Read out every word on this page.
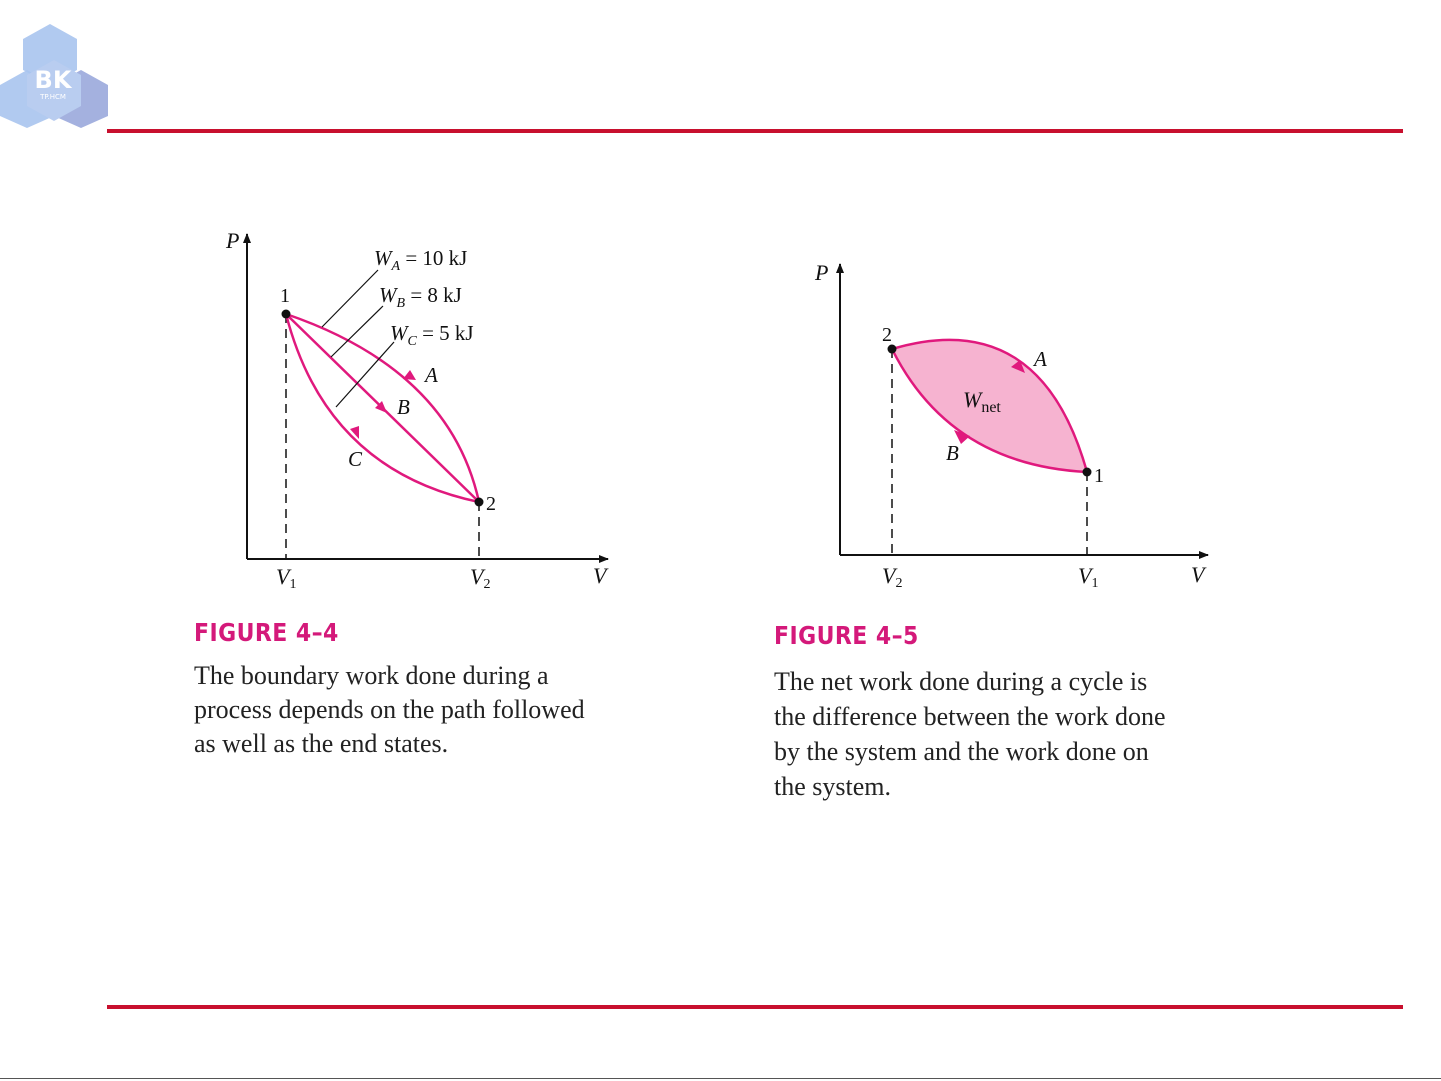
BK
TP.HCM
P
V
V1	V2
1
2
A
B
C
$W_A = 10$ kJ
$W_B = 8$ kJ
$W_C = 5$ kJ
FIGURE 4–4
The boundary work done during a
process depends on the path followed
as well as the end states.
P
V
V2	V1
2
1
A
B
$W_{net}$
FIGURE 4–5
The net work done during a cycle is
the difference between the work done
by the system and the work done on
the system.
